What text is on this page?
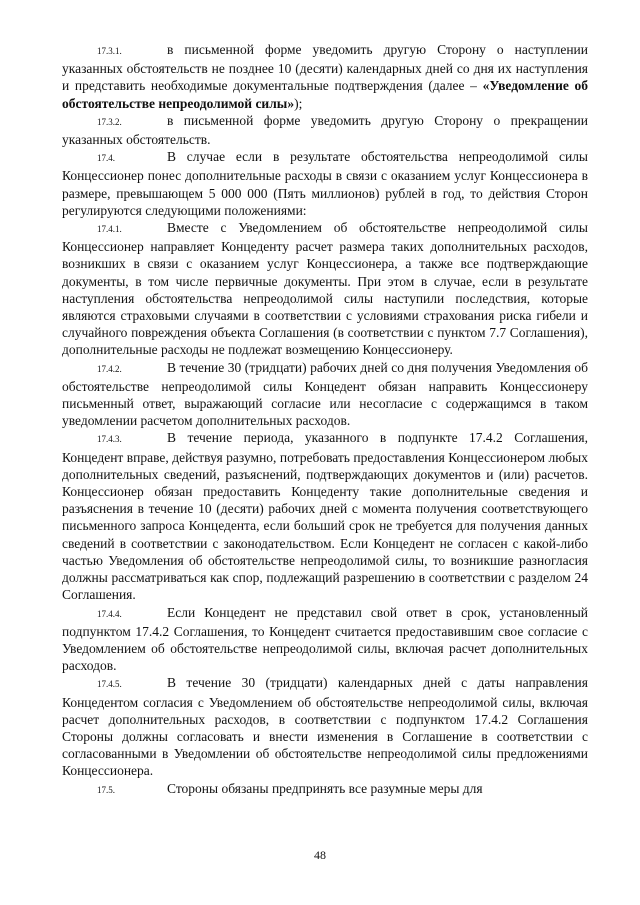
17.3.1.	в письменной форме уведомить другую Сторону о наступлении указанных обстоятельств не позднее 10 (десяти) календарных дней со дня их наступления и представить необходимые документальные подтверждения (далее – «Уведомление об обстоятельстве непреодолимой силы»);

17.3.2.	в письменной форме уведомить другую Сторону о прекращении указанных обстоятельств.

17.4.	В случае если в результате обстоятельства непреодолимой силы Концессионер понес дополнительные расходы в связи с оказанием услуг Концессионера в размере, превышающем 5 000 000 (Пять миллионов) рублей в год, то действия Сторон регулируются следующими положениями:

17.4.1.	Вместе с Уведомлением об обстоятельстве непреодолимой силы Концессионер направляет Концеденту расчет размера таких дополнительных расходов, возникших в связи с оказанием услуг Концессионера, а также все подтверждающие документы, в том числе первичные документы. При этом в случае, если в результате наступления обстоятельства непреодолимой силы наступили последствия, которые являются страховыми случаями в соответствии с условиями страхования риска гибели и случайного повреждения объекта Соглашения (в соответствии с пунктом 7.7 Соглашения), дополнительные расходы не подлежат возмещению Концессионеру.

17.4.2.	В течение 30 (тридцати) рабочих дней со дня получения Уведомления об обстоятельстве непреодолимой силы Концедент обязан направить Концессионеру письменный ответ, выражающий согласие или несогласие с содержащимся в таком уведомлении расчетом дополнительных расходов.

17.4.3.	В течение периода, указанного в подпункте 17.4.2 Соглашения, Концедент вправе, действуя разумно, потребовать предоставления Концессионером любых дополнительных сведений, разъяснений, подтверждающих документов и (или) расчетов. Концессионер обязан предоставить Концеденту такие дополнительные сведения и разъяснения в течение 10 (десяти) рабочих дней с момента получения соответствующего письменного запроса Концедента, если больший срок не требуется для получения данных сведений в соответствии с законодательством. Если Концедент не согласен с какой-либо частью Уведомления об обстоятельстве непреодолимой силы, то возникшие разногласия должны рассматриваться как спор, подлежащий разрешению в соответствии с разделом 24 Соглашения.

17.4.4.	Если Концедент не представил свой ответ в срок, установленный подпунктом 17.4.2 Соглашения, то Концедент считается предоставившим свое согласие с Уведомлением об обстоятельстве непреодолимой силы, включая расчет дополнительных расходов.

17.4.5.	В течение 30 (тридцати) календарных дней с даты направления Концедентом согласия с Уведомлением об обстоятельстве непреодолимой силы, включая расчет дополнительных расходов, в соответствии с подпунктом 17.4.2 Соглашения Стороны должны согласовать и внести изменения в Соглашение в соответствии с согласованными в Уведомлении об обстоятельстве непреодолимой силы предложениями Концессионера.

17.5.	Стороны обязаны предпринять все разумные меры для

48
